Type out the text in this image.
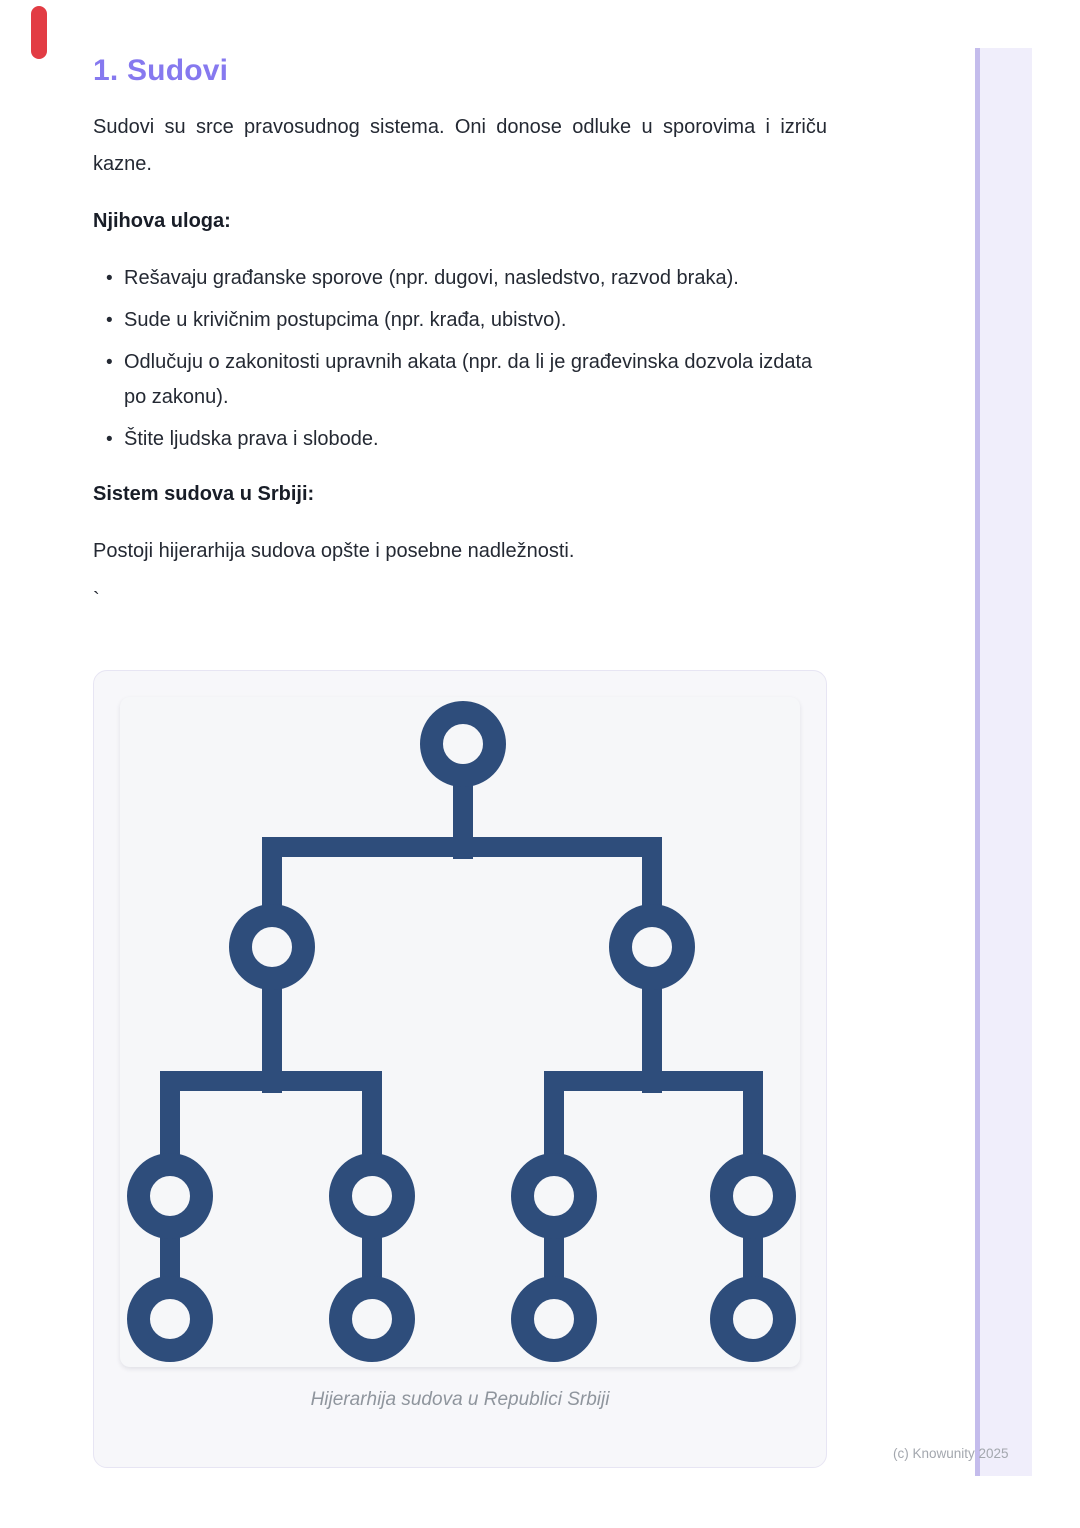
1. Sudovi

Sudovi su srce pravosudnog sistema. Oni donose odluke u sporovima i izriču kazne.

Njihova uloga:
• Rešavaju građanske sporove (npr. dugovi, nasledstvo, razvod braka).
• Sude u krivičnim postupcima (npr. krađa, ubistvo).
• Odlučuju o zakonitosti upravnih akata (npr. da li je građevinska dozvola izdata po zakonu).
• Štite ljudska prava i slobode.
Sistem sudova u Srbiji:

Postoji hijerarhija sudova opšte i posebne nadležnosti.

`
Hijerarhija sudova u Republici Srbiji
(c) Knowunity 2025
